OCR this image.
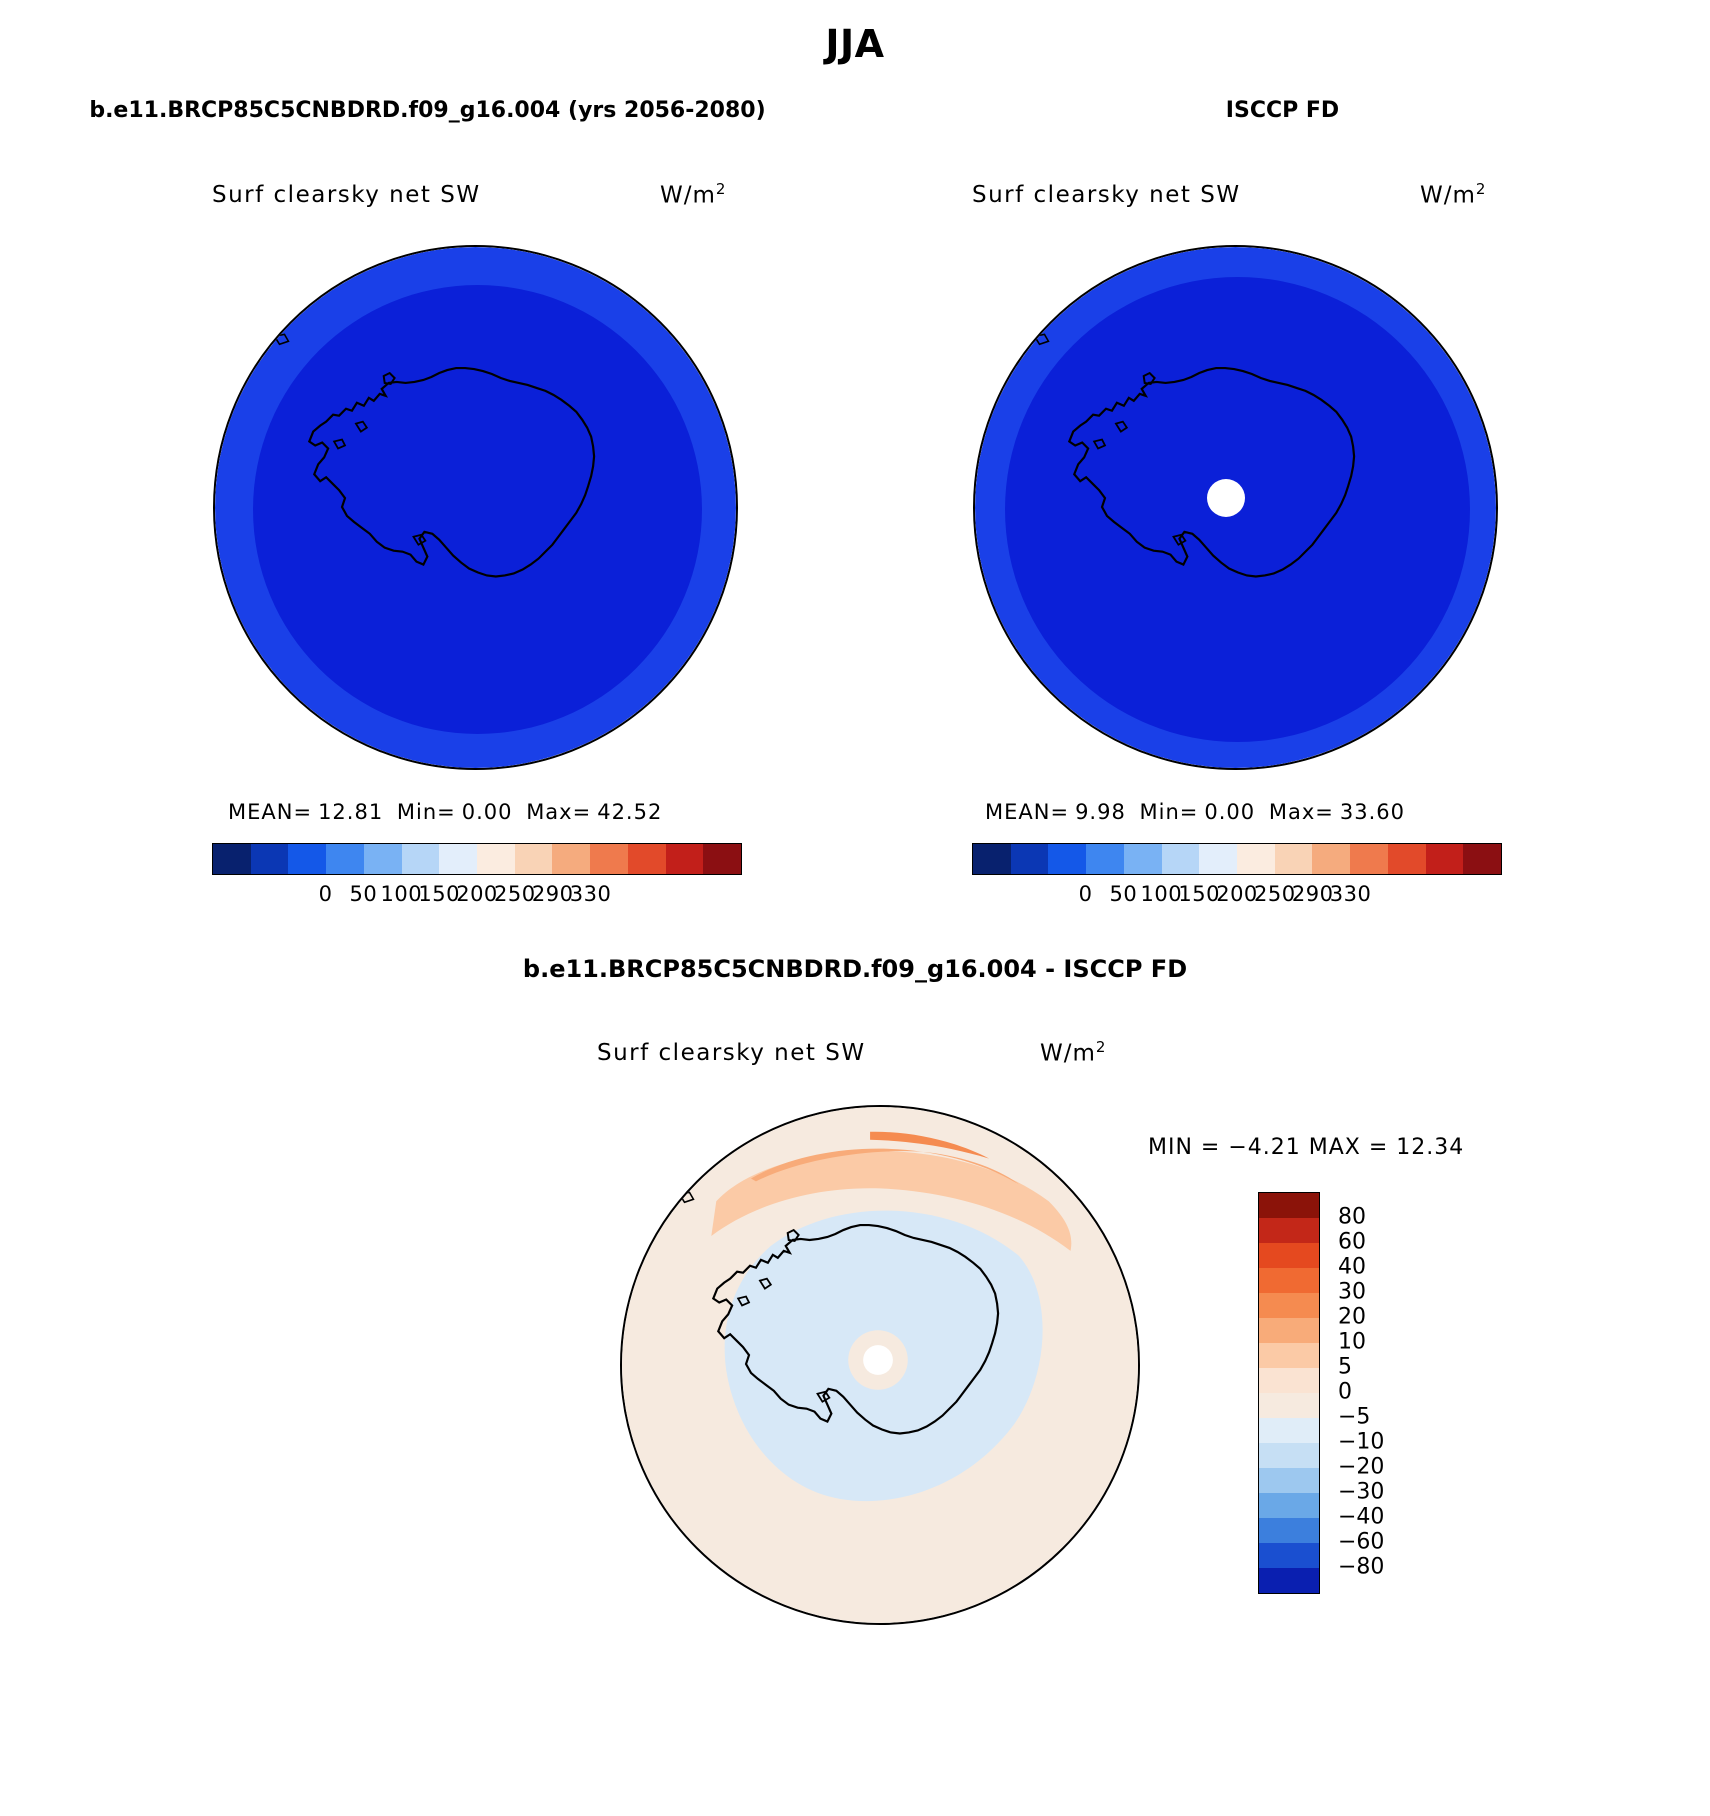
JJA
b.e11.BRCP85C5CNBDRD.f09_g16.004 (yrs 2056-2080)
Surf clearsky net SW	$W/m^2$
MEAN= 12.81 Min= 0.00 Max= 42.52
0 50 100
150
200
250
290
330
ISCCP FD
Surf clearsky net SW	$W/m^2$
MEAN= 9.98 Min= 0.00 Max= 33.60
0 50 100
150
200
250
290
330
b.e11.BRCP85C5CNBDRD.f09_g16.004 - ISCCP FD
Surf clearsky net SW	$W/m^2$
MIN = −4.21 MAX = 12.34
80
60
40
30
20
10
5
0
−5
−10
−20
−30
−40
−60
−80
